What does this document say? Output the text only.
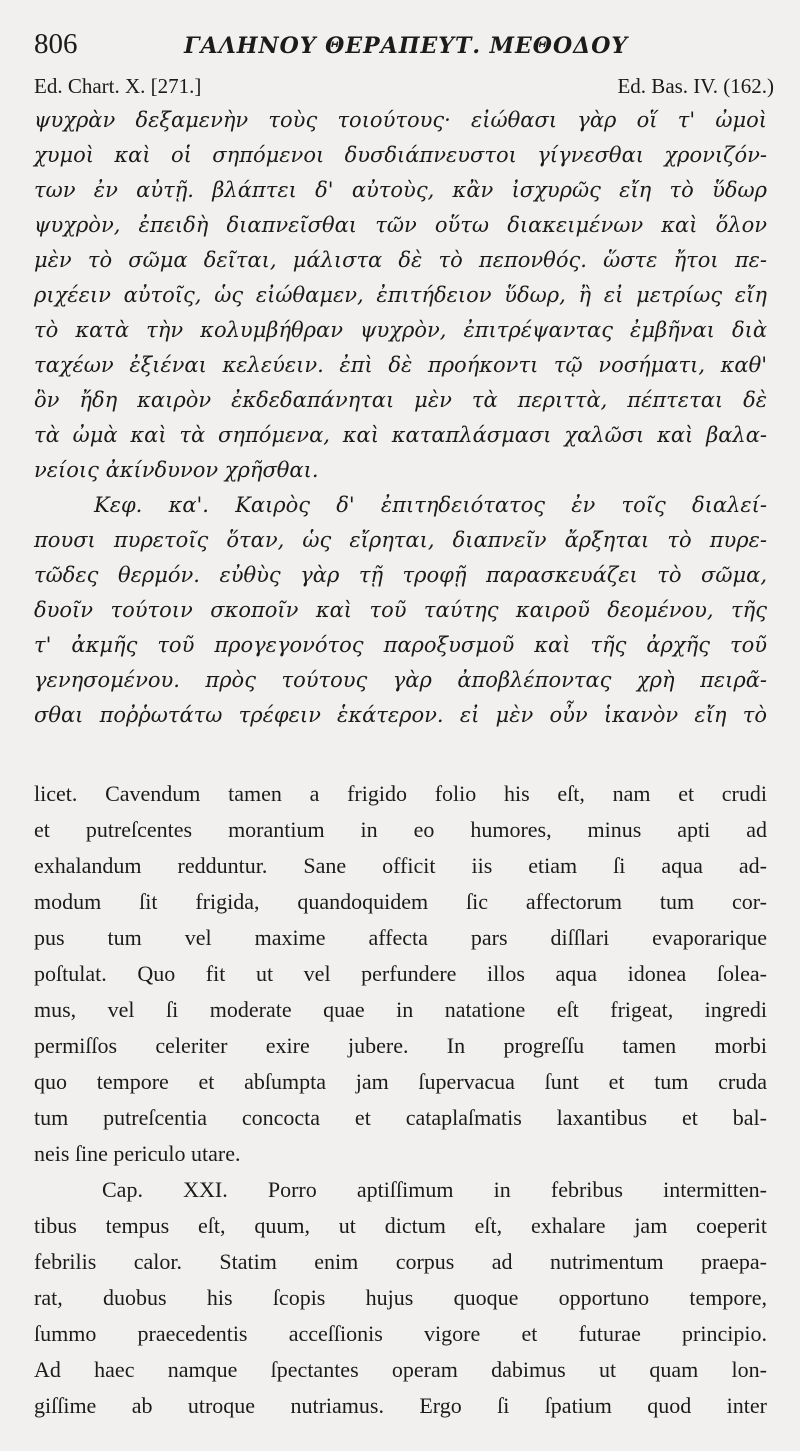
806	ΓΑΛΗΝΟΥ ΘΕΡΑΠΕΥΤ. ΜΕΘΟΔΟΥ
Ed. Chart. X. [271.]	Ed. Bas. IV. (162.)
ψυχρὰν δεξαμενὴν τοὺς τοιούτους· εἰώθασι γὰρ οἵ τ' ὠμοὶ
χυμοὶ καὶ οἱ σηπόμενοι δυσδιάπνευστοι γίγνεσθαι χρονιζόν-
των ἐν αὐτῇ. βλάπτει δ' αὐτοὺς, κἂν ἰσχυρῶς εἴη τὸ ὕδωρ
ψυχρὸν, ἐπειδὴ διαπνεῖσθαι τῶν οὕτω διακειμένων καὶ ὅλον
μὲν τὸ σῶμα δεῖται, μάλιστα δὲ τὸ πεπονθός. ὥστε ἤτοι πε-
ριχέειν αὐτοῖς, ὡς εἰώθαμεν, ἐπιτήδειον ὕδωρ, ἢ εἰ μετρίως εἴη
τὸ κατὰ τὴν κολυμβήθραν ψυχρὸν, ἐπιτρέψαντας ἐμβῆναι διὰ
ταχέων ἐξιέναι κελεύειν. ἐπὶ δὲ προήκοντι τῷ νοσήματι, καθ'
ὃν ἤδη καιρὸν ἐκδεδαπάνηται μὲν τὰ περιττὰ, πέπτεται δὲ
τὰ ὠμὰ καὶ τὰ σηπόμενα, καὶ καταπλάσμασι χαλῶσι καὶ βαλα-
νείοις ἀκίνδυνον χρῆσθαι.
Κεφ. κα'. Καιρὸς δ' ἐπιτηδειότατος ἐν τοῖς διαλεί-
πουσι πυρετοῖς ὅταν, ὡς εἴρηται, διαπνεῖν ἄρξηται τὸ πυρε-
τῶδες θερμόν. εὐθὺς γὰρ τῇ τροφῇ παρασκευάζει τὸ σῶμα,
δυοῖν τούτοιν σκοποῖν καὶ τοῦ ταύτης καιροῦ δεομένου, τῆς
τ' ἀκμῆς τοῦ προγεγονότος παροξυσμοῦ καὶ τῆς ἀρχῆς τοῦ
γενησομένου. πρὸς τούτους γὰρ ἀποβλέποντας χρὴ πειρᾶ-
σθαι ποῤῥωτάτω τρέφειν ἑκάτερον. εἰ μὲν οὖν ἱκανὸν εἴη τὸ
licet. Cavendum tamen a frigido folio his eſt, nam et crudi
et putreſcentes morantium in eo humores, minus apti ad
exhalandum redduntur. Sane officit iis etiam ſi aqua ad-
modum ſit frigida, quandoquidem ſic affectorum tum cor-
pus tum vel maxime affecta pars diſſlari evaporarique
poſtulat. Quo fit ut vel perfundere illos aqua idonea ſolea-
mus, vel ſi moderate quae in natatione eſt frigeat, ingredi
permiſſos celeriter exire jubere. In progreſſu tamen morbi
quo tempore et abſumpta jam ſupervacua ſunt et tum cruda
tum putreſcentia concocta et cataplaſmatis laxantibus et bal-
neis ſine periculo utare.
Cap. XXI. Porro aptiſſimum in febribus intermitten-
tibus tempus eſt, quum, ut dictum eſt, exhalare jam coeperit
febrilis calor. Statim enim corpus ad nutrimentum praepa-
rat, duobus his ſcopis hujus quoque opportuno tempore,
ſummo praecedentis acceſſionis vigore et futurae principio.
Ad haec namque ſpectantes operam dabimus ut quam lon-
giſſime ab utroque nutriamus. Ergo ſi ſpatium quod inter
